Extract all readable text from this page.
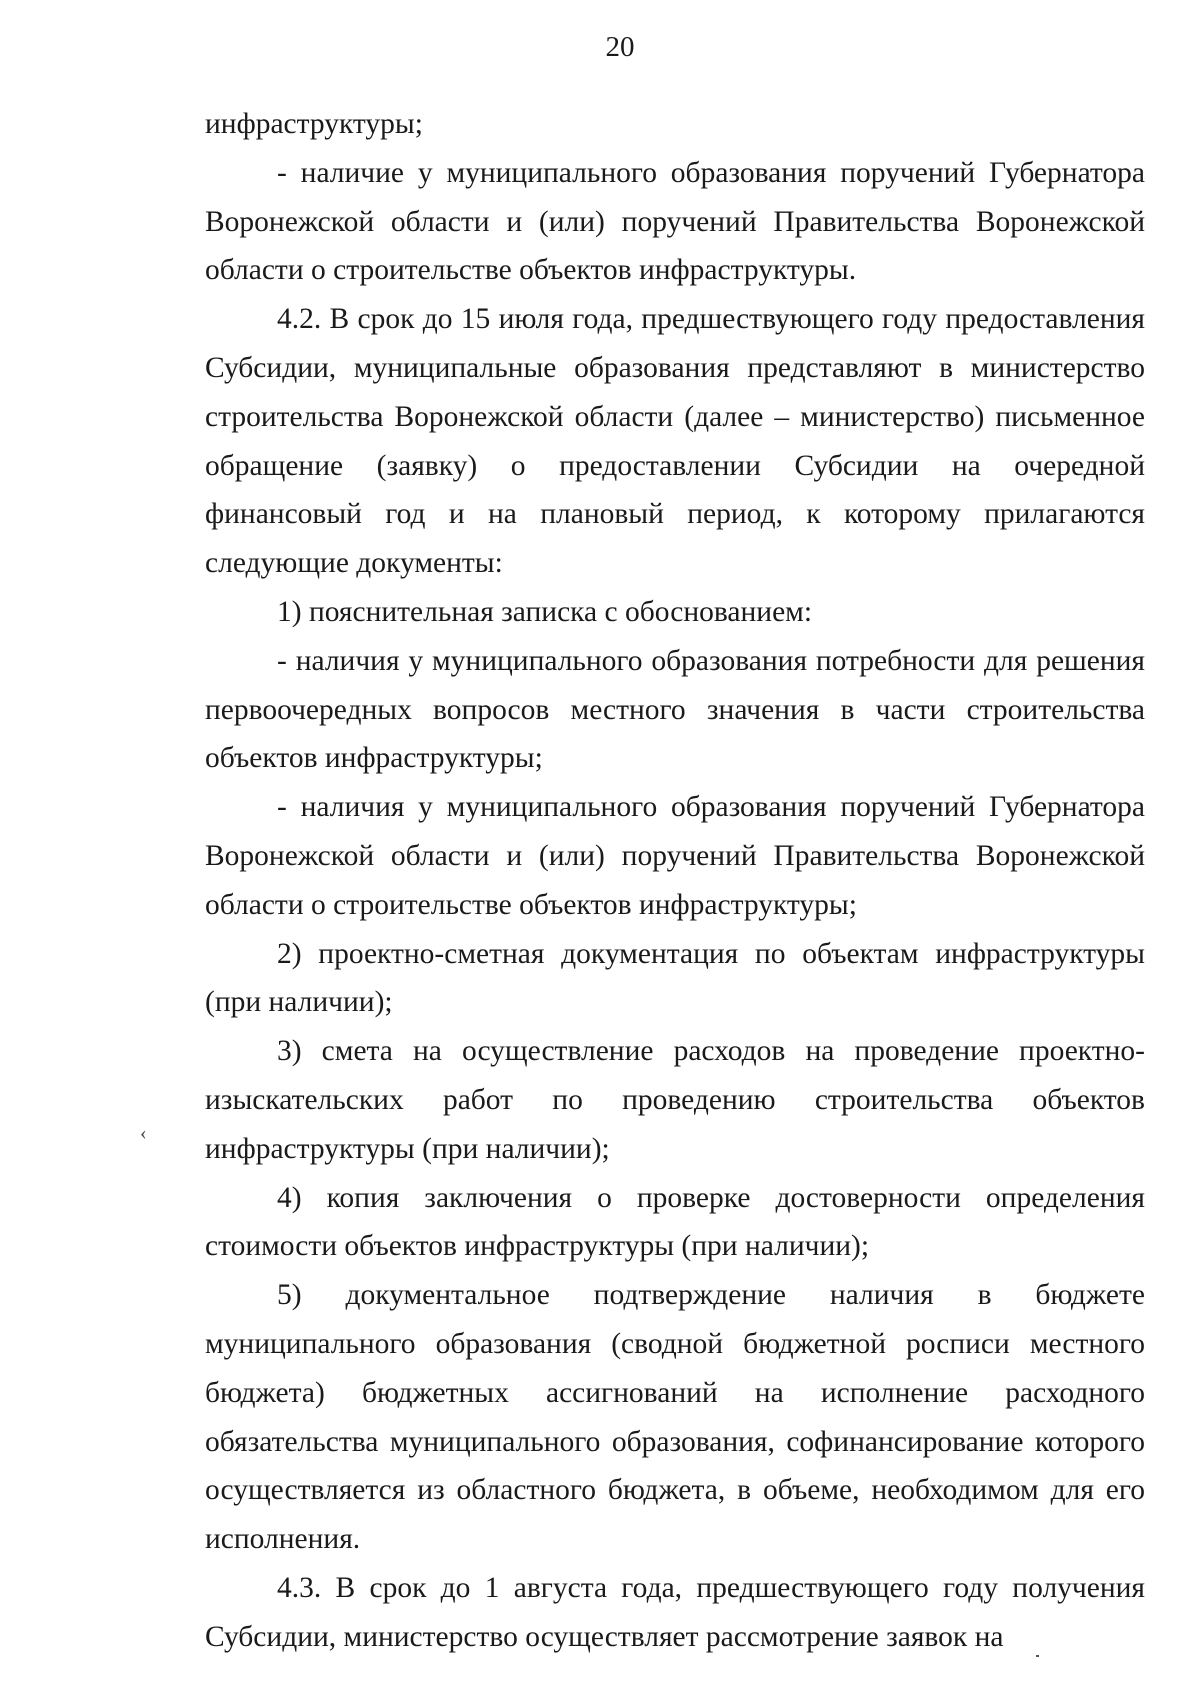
20

инфраструктуры;

- наличие у муниципального образования поручений Губернатора Воронежской области и (или) поручений Правительства Воронежской области о строительстве объектов инфраструктуры.

4.2. В срок до 15 июля года, предшествующего году предоставления Субсидии, муниципальные образования представляют в министерство строительства Воронежской области (далее – министерство) письменное обращение (заявку) о предоставлении Субсидии на очередной финансовый год и на плановый период, к которому прилагаются следующие документы:

1) пояснительная записка с обоснованием:

- наличия у муниципального образования потребности для решения первоочередных вопросов местного значения в части строительства объектов инфраструктуры;

- наличия у муниципального образования поручений Губернатора Воронежской области и (или) поручений Правительства Воронежской области о строительстве объектов инфраструктуры;

2) проектно-сметная документация по объектам инфраструктуры (при наличии);

3) смета на осуществление расходов на проведение проектно-изыскательских работ по проведению строительства объектов инфраструктуры (при наличии);

4) копия заключения о проверке достоверности определения стоимости объектов инфраструктуры (при наличии);

5) документальное подтверждение наличия в бюджете муниципального образования (сводной бюджетной росписи местного бюджета) бюджетных ассигнований на исполнение расходного обязательства муниципального образования, софинансирование которого осуществляется из областного бюджета, в объеме, необходимом для его исполнения.

4.3. В срок до 1 августа года, предшествующего году получения Субсидии, министерство осуществляет рассмотрение заявок на

‹
